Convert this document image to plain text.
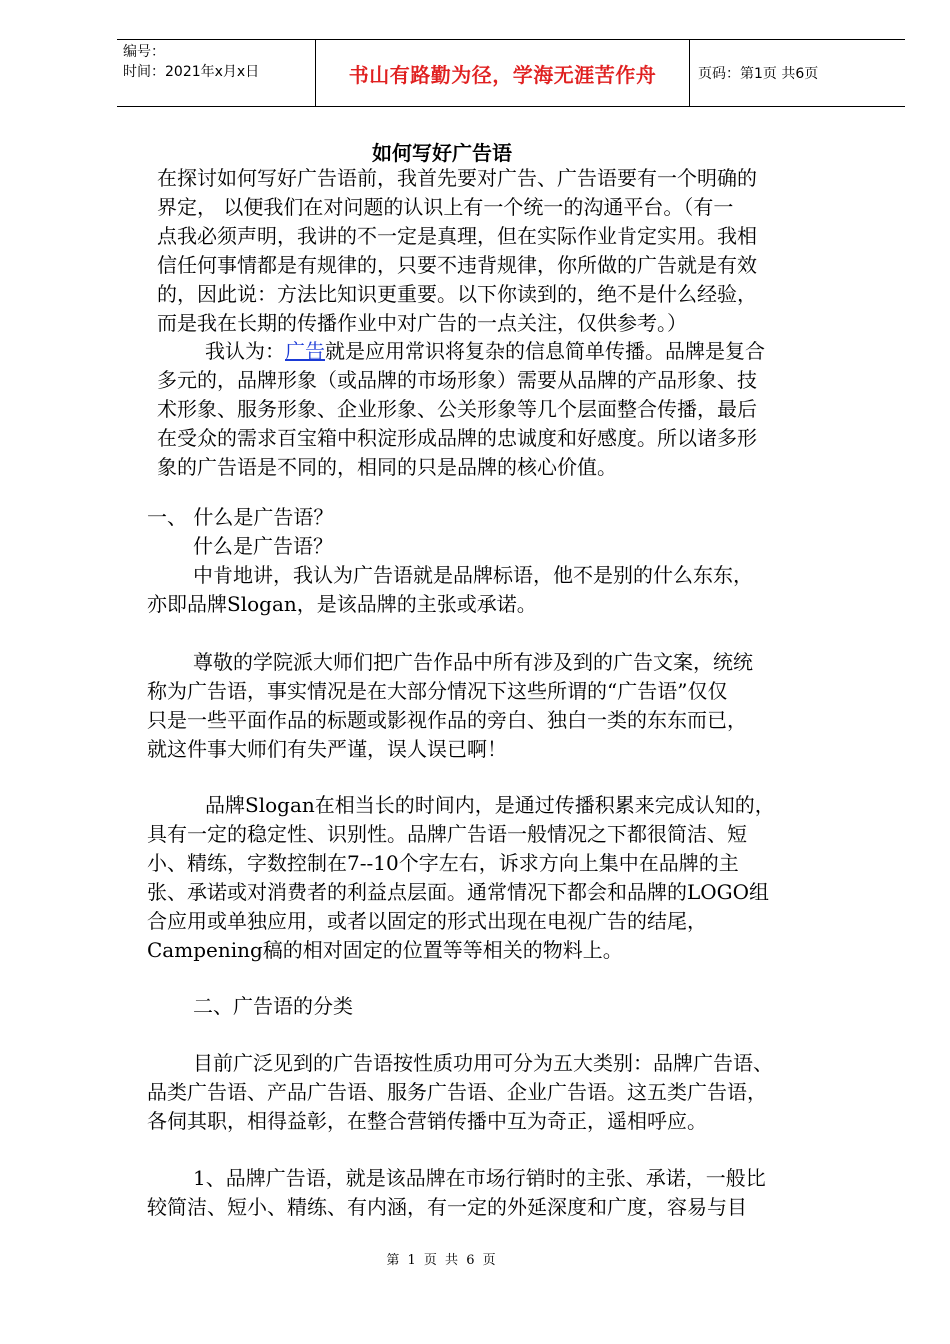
编号：
时间：2021年x月x日	书山有路勤为径，学海无涯苦作舟	页码：第1页 共6页
如何写好广告语
在探讨如何写好广告语前，我首先要对广告、广告语要有一个明确的
界定， 以便我们在对问题的认识上有一个统一的沟通平台。（有一
点我必须声明，我讲的不一定是真理，但在实际作业肯定实用。我相
信任何事情都是有规律的，只要不违背规律，你所做的广告就是有效
的，因此说：方法比知识更重要。以下你读到的，绝不是什么经验，
而是我在长期的传播作业中对广告的一点关注，仅供参考。）
我认为：广告就是应用常识将复杂的信息简单传播。品牌是复合
多元的，品牌形象（或品牌的市场形象）需要从品牌的产品形象、技
术形象、服务形象、企业形象、公关形象等几个层面整合传播，最后
在受众的需求百宝箱中积淀形成品牌的忠诚度和好感度。所以诸多形
象的广告语是不同的，相同的只是品牌的核心价值。
一、 什么是广告语？
什么是广告语？
中肯地讲，我认为广告语就是品牌标语，他不是别的什么东东，
亦即品牌Slogan，是该品牌的主张或承诺。
尊敬的学院派大师们把广告作品中所有涉及到的广告文案，统统
称为广告语，事实情况是在大部分情况下这些所谓的“广告语”仅仅
只是一些平面作品的标题或影视作品的旁白、独白一类的东东而已，
就这件事大师们有失严谨，误人误已啊！
品牌Slogan在相当长的时间内，是通过传播积累来完成认知的，
具有一定的稳定性、识别性。品牌广告语一般情况之下都很简洁、短
小、精练，字数控制在7--10个字左右，诉求方向上集中在品牌的主
张、承诺或对消费者的利益点层面。通常情况下都会和品牌的LOGO组
合应用或单独应用，或者以固定的形式出现在电视广告的结尾，
Campening稿的相对固定的位置等等相关的物料上。
二、广告语的分类
目前广泛见到的广告语按性质功用可分为五大类别：品牌广告语、
品类广告语、产品广告语、服务广告语、企业广告语。这五类广告语，
各伺其职，相得益彰，在整合营销传播中互为奇正，遥相呼应。
1、品牌广告语，就是该品牌在市场行销时的主张、承诺，一般比
较简洁、短小、精练、有内涵，有一定的外延深度和广度，容易与目
第 1 页 共 6 页
